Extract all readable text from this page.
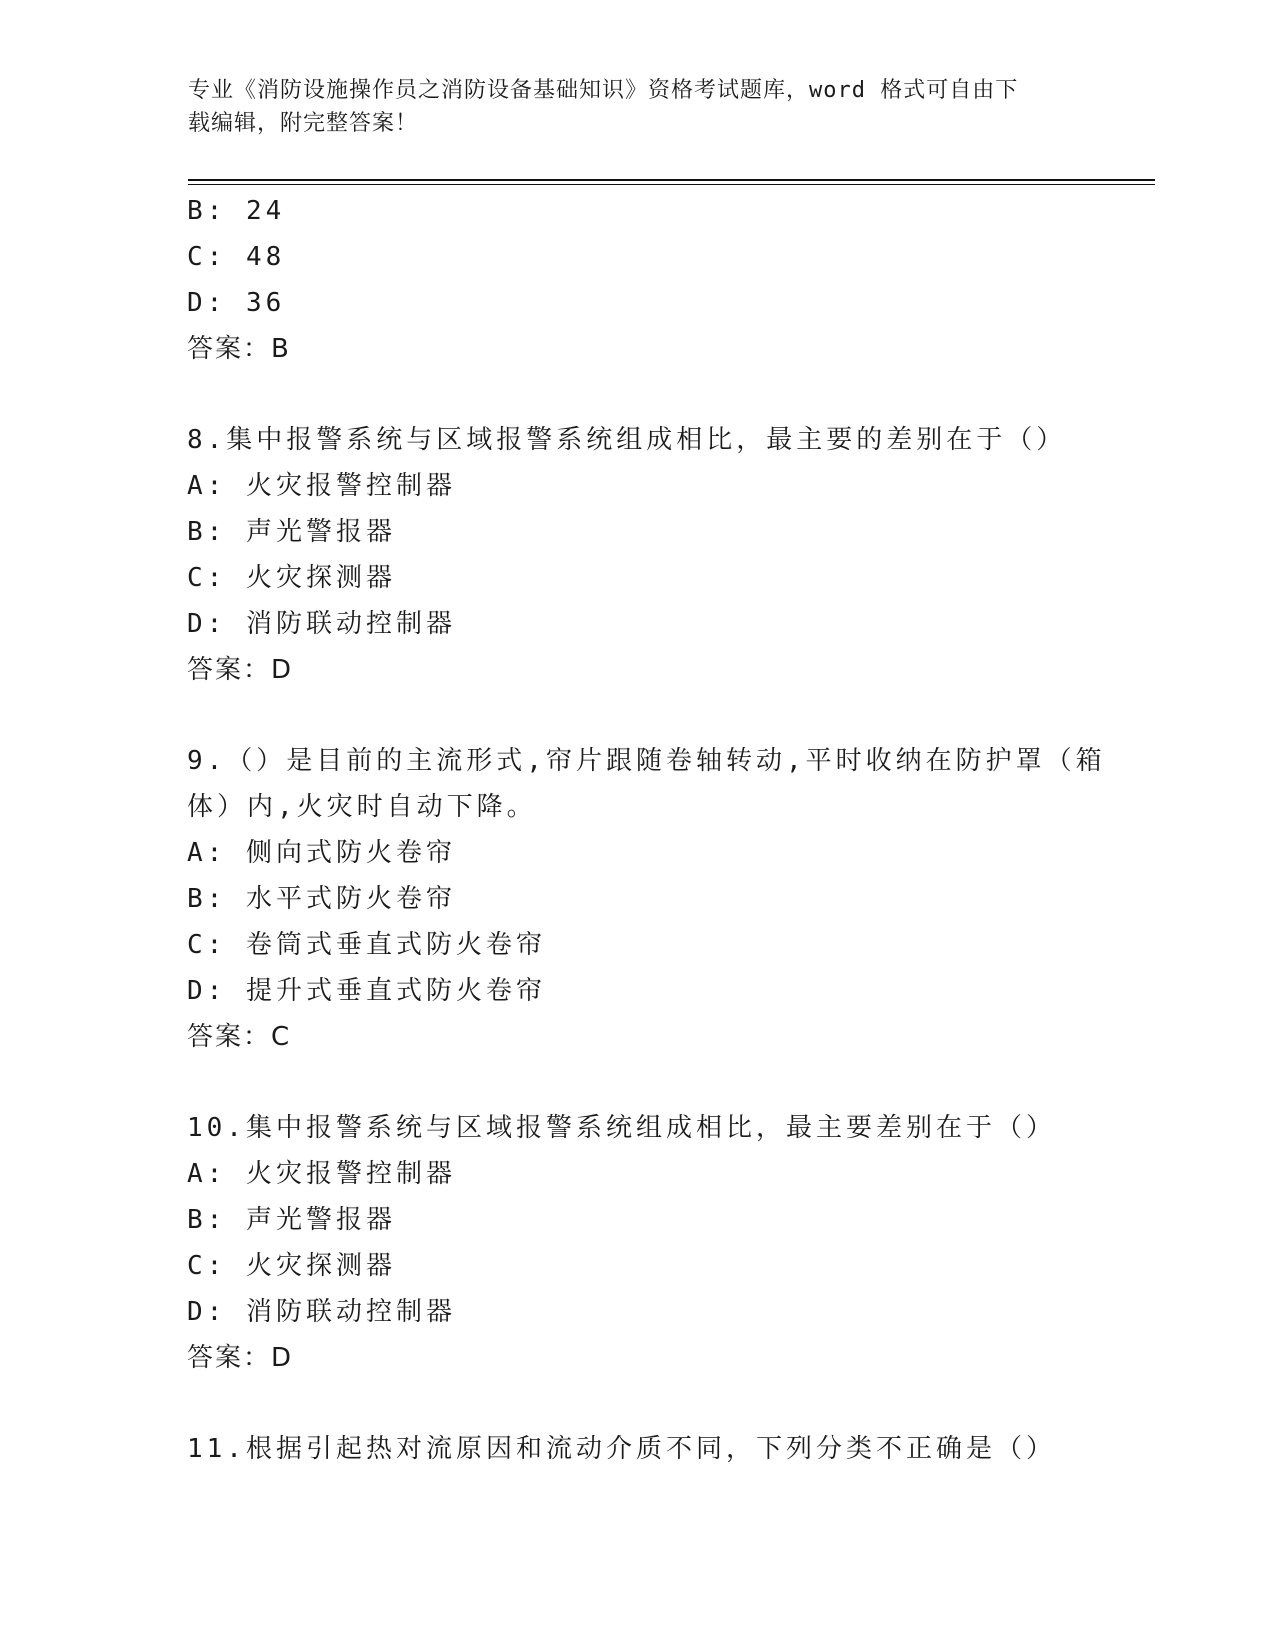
专业《消防设施操作员之消防设备基础知识》资格考试题库，word 格式可自由下
载编辑，附完整答案！
B: 24
C: 48
D: 36
答案：B
8.集中报警系统与区域报警系统组成相比，最主要的差别在于（）
A: 火灾报警控制器
B: 声光警报器
C: 火灾探测器
D: 消防联动控制器
答案：D
9.（）是目前的主流形式,帘片跟随卷轴转动,平时收纳在防护罩（箱
体）内,火灾时自动下降。
A: 侧向式防火卷帘
B: 水平式防火卷帘
C: 卷筒式垂直式防火卷帘
D: 提升式垂直式防火卷帘
答案：C
10.集中报警系统与区域报警系统组成相比，最主要差别在于（）
A: 火灾报警控制器
B: 声光警报器
C: 火灾探测器
D: 消防联动控制器
答案：D
11.根据引起热对流原因和流动介质不同，下列分类不正确是（）
